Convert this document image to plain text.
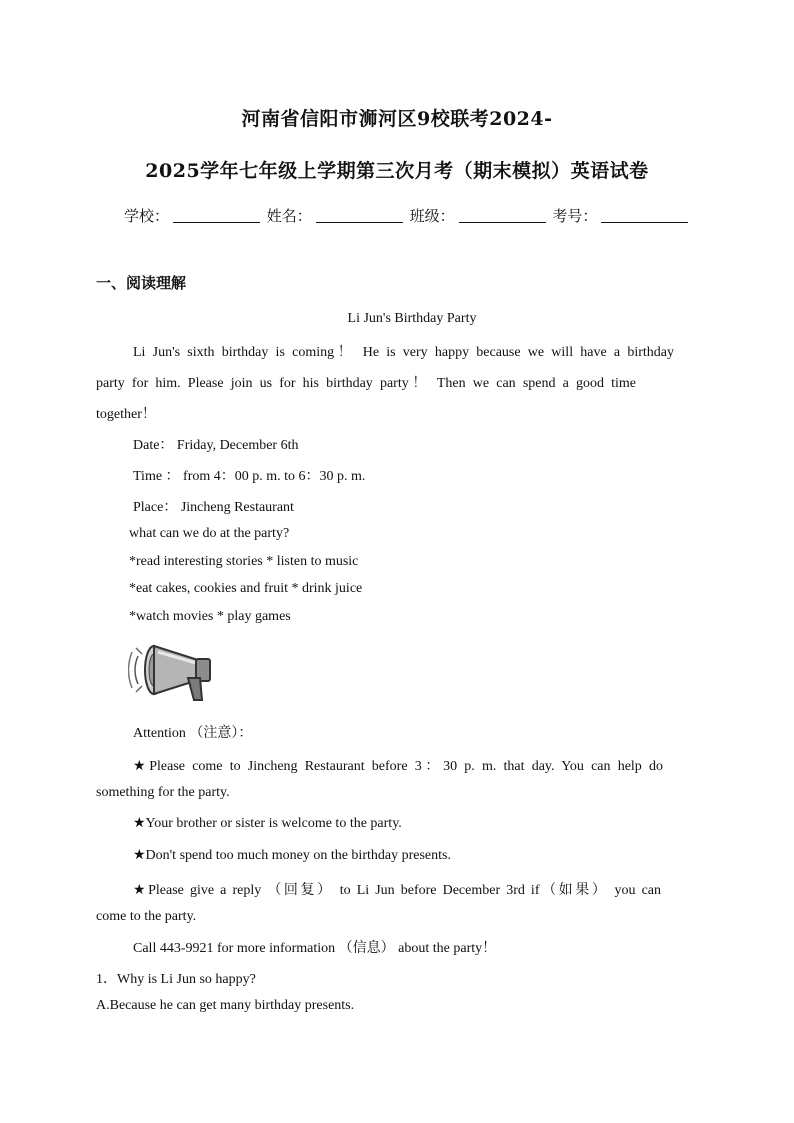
河南省信阳市浉河区9校联考2024-
2025学年七年级上学期第三次月考（期末模拟）英语试卷
学校：	姓名：	班级：	考号：
一、阅读理解
Li Jun's Birthday Party
Li Jun's sixth birthday is coming！ He is very happy because we will have a birthday
party for him. Please join us for his birthday party！ Then we can spend a good time
together！
Date： Friday, December 6th
Time ： from 4：00 p. m. to 6：30 p. m.
Place： Jincheng Restaurant
what can we do at the party?
*read interesting stories * listen to music
*eat cakes, cookies and fruit * drink juice
*watch movies * play games
Attention （注意）：
★Please come to Jincheng Restaurant before 3：30 p. m. that day. You can help do
something for the party.
★Your brother or sister is welcome to the party.
★Don't spend too much money on the birthday presents.
★Please give a reply （回复） to Li Jun before December 3rd if（如果） you can
come to the party.
Call 443-9921 for more information （信息） about the party！
1．Why is Li Jun so happy?
A.Because he can get many birthday presents.
